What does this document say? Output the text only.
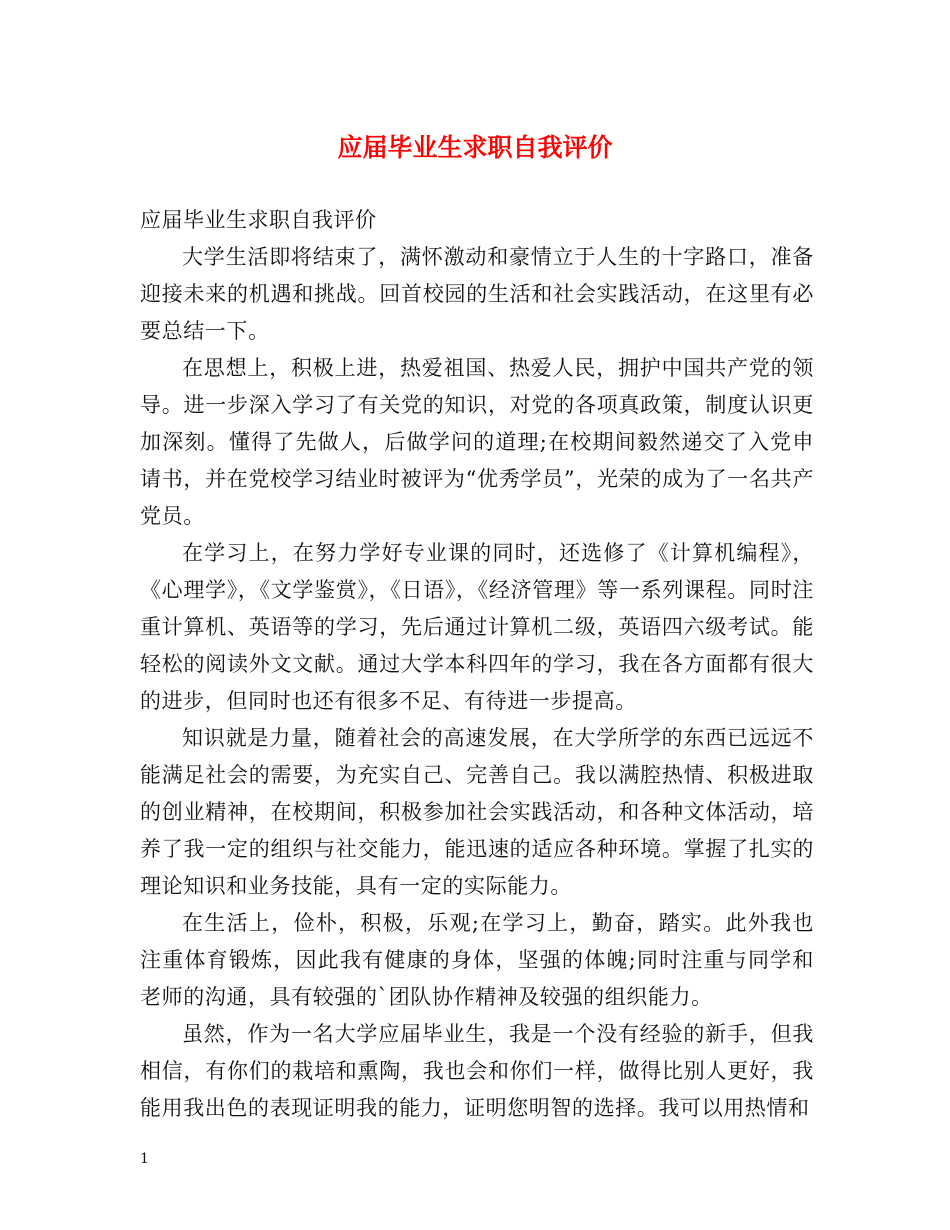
应届毕业生求职自我评价

应届毕业生求职自我评价

大学生活即将结束了，满怀激动和豪情立于人生的十字路口，准备迎接未来的机遇和挑战。回首校园的生活和社会实践活动，在这里有必要总结一下。

在思想上，积极上进，热爱祖国、热爱人民，拥护中国共产党的领导。进一步深入学习了有关党的知识，对党的各项真政策，制度认识更加深刻。懂得了先做人，后做学问的道理;在校期间毅然递交了入党申请书，并在党校学习结业时被评为“优秀学员”，光荣的成为了一名共产党员。

在学习上，在努力学好专业课的同时，还选修了《计算机编程》，《心理学》，《文学鉴赏》，《日语》，《经济管理》等一系列课程。同时注重计算机、英语等的学习，先后通过计算机二级，英语四六级考试。能轻松的阅读外文文献。通过大学本科四年的学习，我在各方面都有很大的进步，但同时也还有很多不足、有待进一步提高。

知识就是力量，随着社会的高速发展，在大学所学的东西已远远不能满足社会的需要，为充实自己、完善自己。我以满腔热情、积极进取的创业精神，在校期间，积极参加社会实践活动，和各种文体活动，培养了我一定的组织与社交能力，能迅速的适应各种环境。掌握了扎实的理论知识和业务技能，具有一定的实际能力。

在生活上，俭朴，积极，乐观;在学习上，勤奋，踏实。此外我也注重体育锻炼，因此我有健康的身体，坚强的体魄;同时注重与同学和老师的沟通，具有较强的`团队协作精神及较强的组织能力。

虽然，作为一名大学应届毕业生，我是一个没有经验的新手，但我相信，有你们的栽培和熏陶，我也会和你们一样，做得比别人更好，我能用我出色的表现证明我的能力，证明您明智的选择。我可以用热情和

1
